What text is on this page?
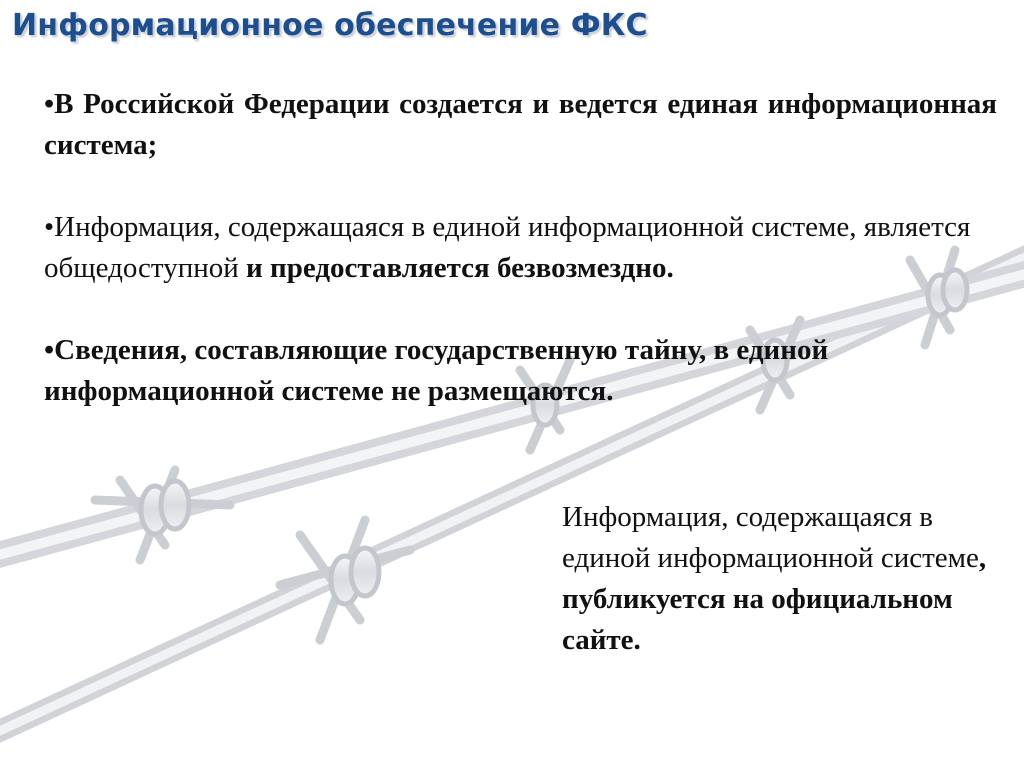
Информационное обеспечение ФКС

•В Российской Федерации создается и ведется единая информационная система;

•Информация, содержащаяся в единой информационной системе, является общедоступной и предоставляется безвозмездно.

•Сведения, составляющие государственную тайну, в единой информационной системе не размещаются.

Информация, содержащаяся в единой информационной системе, публикуется на официальном сайте.
